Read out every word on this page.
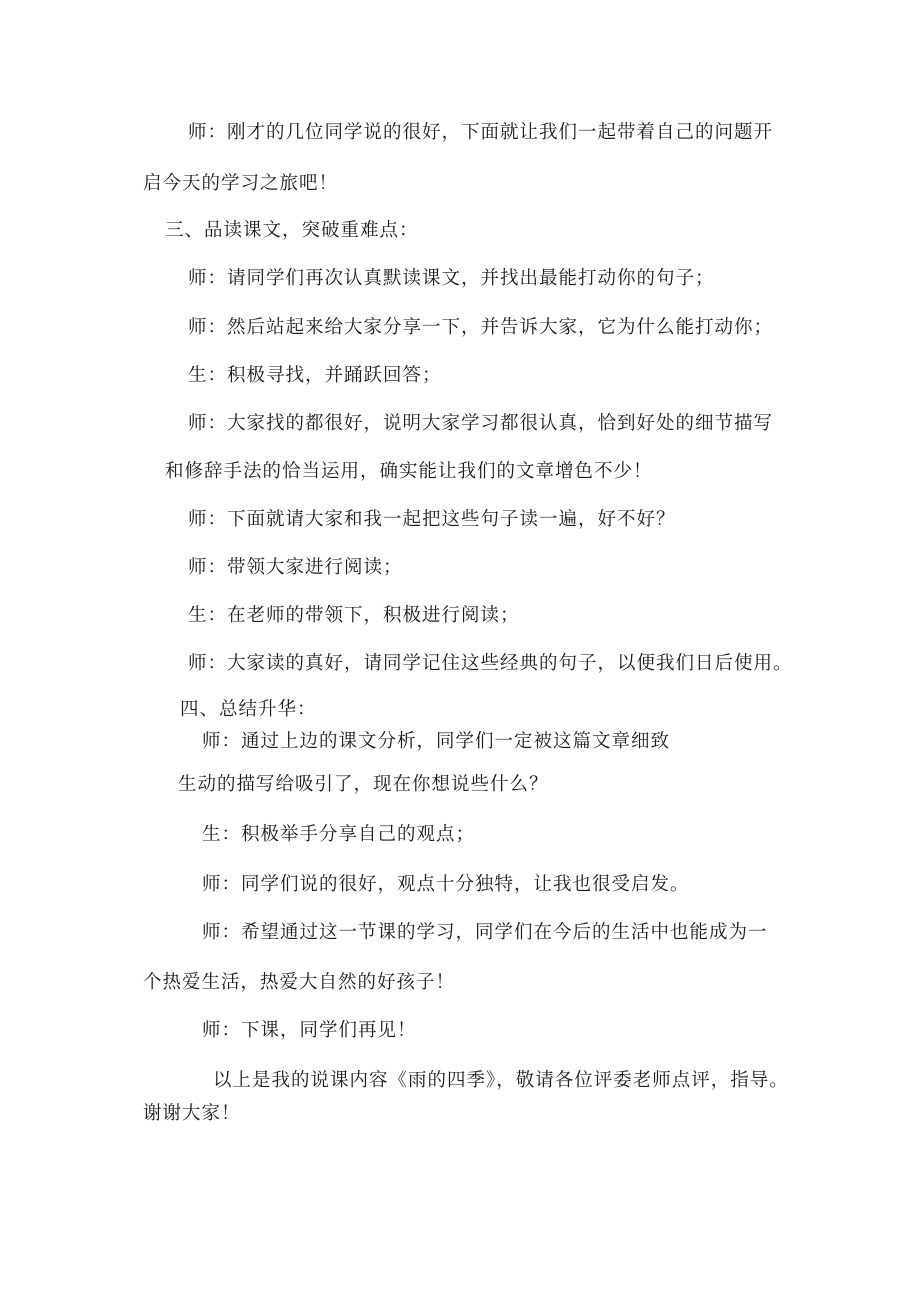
师：刚才的几位同学说的很好，下面就让我们一起带着自己的问题开
启今天的学习之旅吧！
三、品读课文，突破重难点：
师：请同学们再次认真默读课文，并找出最能打动你的句子；
师：然后站起来给大家分享一下，并告诉大家，它为什么能打动你；
生：积极寻找，并踊跃回答；
师：大家找的都很好，说明大家学习都很认真，恰到好处的细节描写
和修辞手法的恰当运用，确实能让我们的文章增色不少！
师：下面就请大家和我一起把这些句子读一遍，好不好？
师：带领大家进行阅读；
生：在老师的带领下，积极进行阅读；
师：大家读的真好，请同学记住这些经典的句子，以便我们日后使用。
四、总结升华：
师：通过上边的课文分析，同学们一定被这篇文章细致
生动的描写给吸引了，现在你想说些什么？
生：积极举手分享自己的观点；
师：同学们说的很好，观点十分独特，让我也很受启发。
师：希望通过这一节课的学习，同学们在今后的生活中也能成为一
个热爱生活，热爱大自然的好孩子！
师：下课，同学们再见！
以上是我的说课内容《雨的四季》，敬请各位评委老师点评，指导。
谢谢大家！
